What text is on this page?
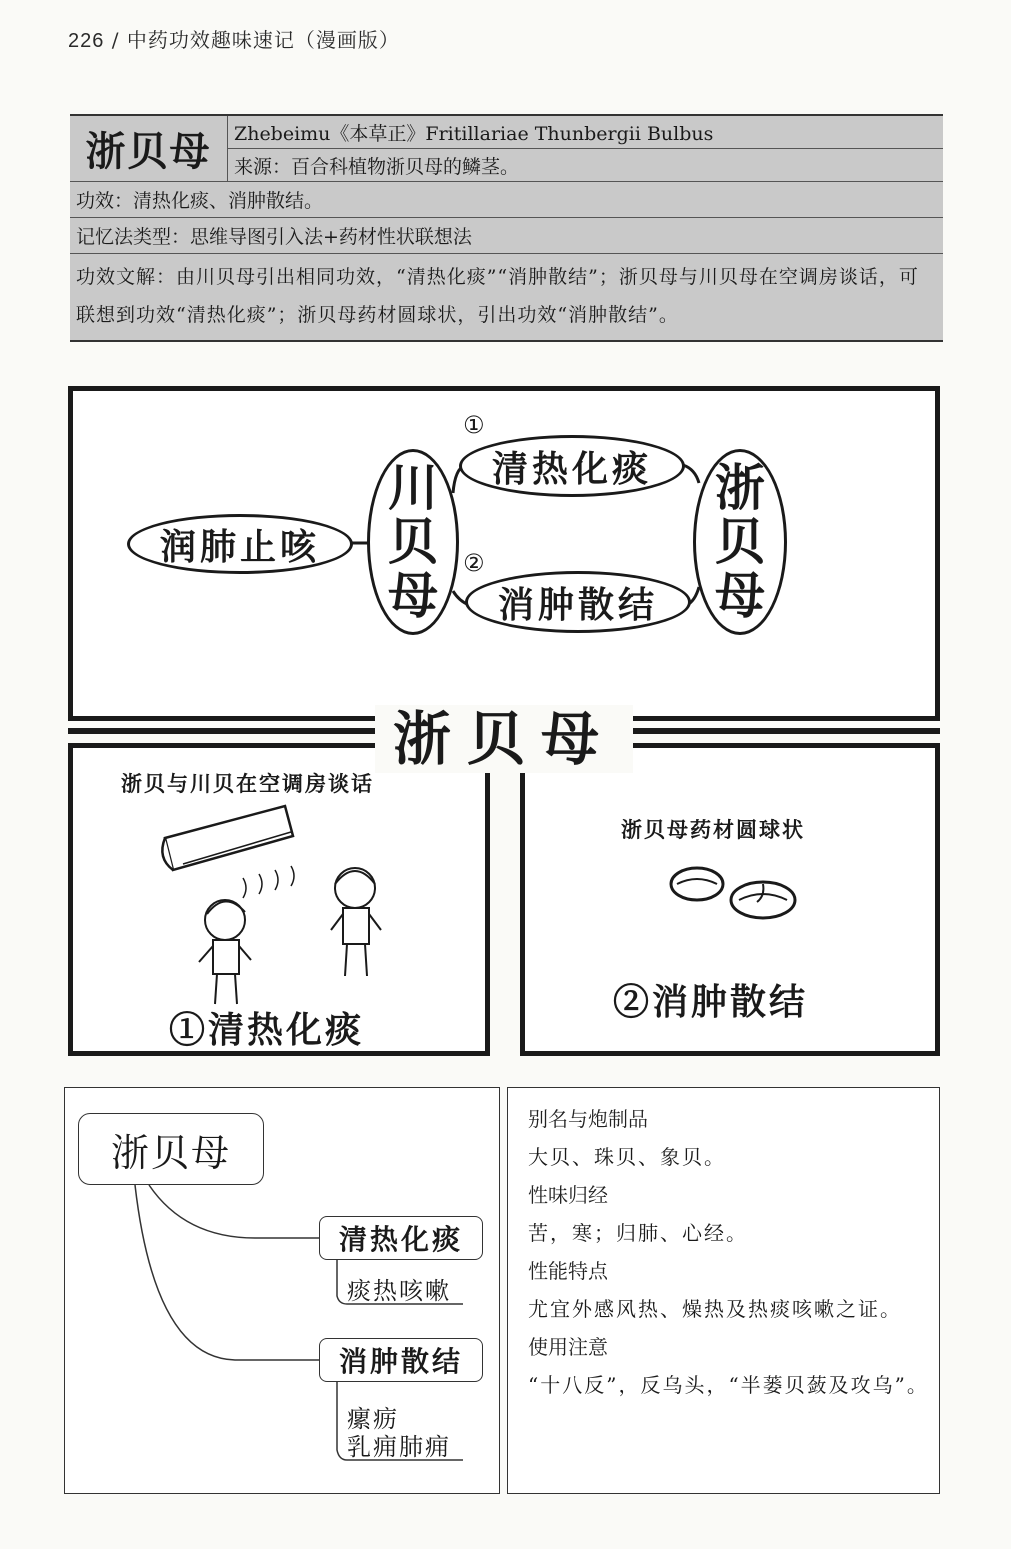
226 / 中药功效趣味速记（漫画版）
浙贝母	Zhebeimu《本草正》Fritillariae Thunbergii Bulbus
来源：百合科植物浙贝母的鳞茎。
功效：清热化痰、消肿散结。
记忆法类型：思维导图引入法+药材性状联想法
功效文解：由川贝母引出相同功效，“清热化痰”“消肿散结”；浙贝母与川贝母在空调房谈话，可联想到功效“清热化痰”；浙贝母药材圆球状，引出功效“消肿散结”。
润肺止咳
川
贝
母
①
清热化痰
②
消肿散结
浙
贝
母
浙贝与川贝在空调房谈话
①清热化痰
浙贝母药材圆球状
②消肿散结
浙贝母
浙贝母
清热化痰
痰热咳嗽
消肿散结
瘰疬
乳痈肺痈
别名与炮制品
大贝、珠贝、象贝。
性味归经
苦，寒；归肺、心经。
性能特点
尤宜外感风热、燥热及热痰咳嗽之证。
使用注意
“十八反”，反乌头，“半蒌贝蔹及攻乌”。
